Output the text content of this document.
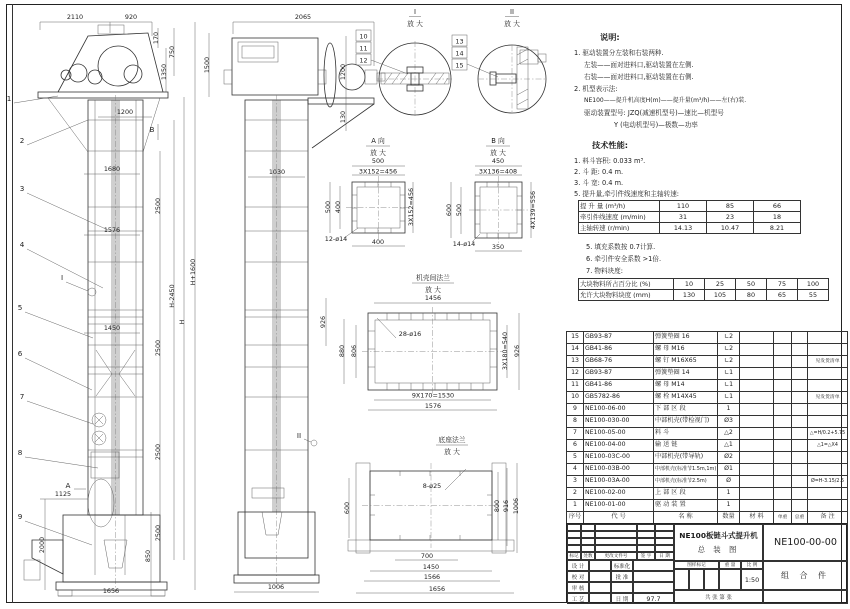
10
11
12
I
放 大
13
14
15
II
放 大
A 向
放 大
500
3X152=456
400
500 400	3X152=456
12-ø14
B 向
放 大
450
3X136=408
600 500	4X139=556
14-ø14	350
机壳间法兰
放 大
1456
28-ø16
880 806	3X180=540 926
9X170=1530
1576
底座法兰
放 大
8-ø25
600	800 916 1006
700
1450
1566
1656
2110	920
170
1350
750
1500
1200
1680
1576
1450
2500
2500
2500
2500
H-2450
H
H+1600
1125
2000
850
1656
2065
1030
1200
130
926
1006
1
2
3
4
5
6
7
8
9
I
A
B
II
说明:
1. 驱动装置分左装和右装两种.
左装——面对进料口,驱动装置在左侧.
右装——面对进料口,驱动装置在右侧.
2. 机型表示法:
NE100——提升机高度H(m)——提升量(m³/h)——左(右)装.
驱动装置型号: JZQ(减速机型号)—速比—机型号
Y (电动机型号)—极数—功率
技术性能:
1. 料斗容积: 0.033 m³.
2. 斗 距: 0.4 m.
3. 斗 宽: 0.4 m.
5. 提升量,牵引件线速度和主轴转速:
提 升 量 (m³/h)	110	85	66
牵引件线速度 (m/min)	31	23	18
主轴转速 (r/min)	14.13	10.47	8.21
5. 填充系数按 0.7计算.
6. 牵引件安全系数 >1倍.
7. 物料块度:
大块物料所占百分比 (%)	10	25	50	75	100
允许大块物料块度 (mm)	130	105	80	65	55
15	GB93-87	弹簧垫圈 16	∟2				
14	GB41-86	螺 母 M16	∟2				
13	GB68-76	螺 钉 M16X65	∟2				见发货清单
12	GB93-87	弹簧垫圈 14	∟1				
11	GB41-86	螺 母 M14	∟1				
10	GB5782-86	螺 栓 M14X45	∟1				见发货清单
9	NE100-06-00	下 部 区 段	1				
8	NE100-030-00	中部机壳(带检视门)	Ø3				
7	NE100-05-00	料 斗	△2				△=H/0.2+5.75
6	NE100-04-00	输 送 链	△1				△1=△X4
5	NE100-03C-00	中部机壳(带导轨)	Ø2				
4	NE100-03B-00	中部机壳(标准节1.5m,1m)	Ø1				
3	NE100-03A-00	中部机壳(标准节2.5m)	Ø				Ø=H-3.15/2.5
2	NE100-02-00	上 部 区 段	1				
1	NE100-01-00	驱 动 装 置	1				
序号	代 号	名 称	数量	材 料	单重	总重	备 注
标记	处数	更改文件号	签 字	日 期
设 计	标准化
校 对	批 准
审 核
工 艺	日 期	97.7
NE100板链斗式提升机
总 装 图
图样标记	重 量	比 例
1:50
共 张 第 张
NE100-00-00
组 合 件
